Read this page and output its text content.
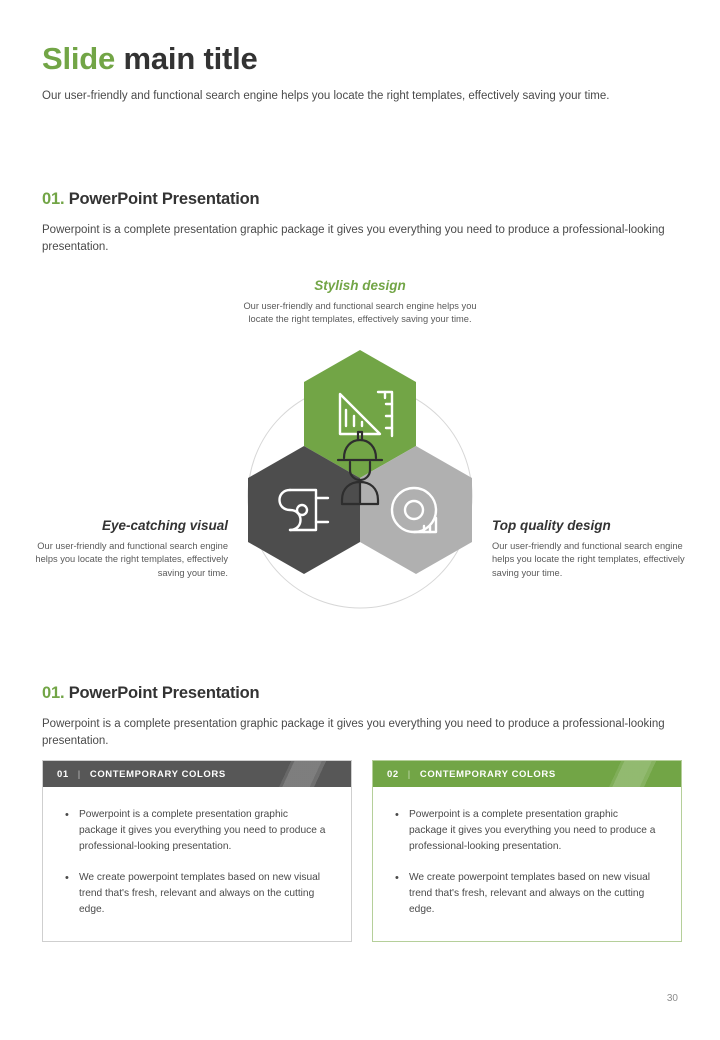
Slide main title
Our user-friendly and functional search engine helps you locate the right templates, effectively saving your time.
01. PowerPoint Presentation
Powerpoint is a complete presentation graphic package it gives you everything you need to produce a professional-looking presentation.
Stylish design
Our user-friendly and functional search engine helps you locate the right templates, effectively saving your time.
Eye-catching visual
Our user-friendly and functional search engine helps you locate the right templates, effectively saving your time.
Top quality design
Our user-friendly and functional search engine helps you locate the right templates, effectively saving your time.
01. PowerPoint Presentation
Powerpoint is a complete presentation graphic package it gives you everything you need to produce a professional-looking presentation.
01 | CONTEMPORARY COLORS
• Powerpoint is a complete presentation graphic package it gives you everything you need to produce a professional-looking presentation.
• We create powerpoint templates based on new visual trend that's fresh, relevant and always on the cutting edge.
02 | CONTEMPORARY COLORS
• Powerpoint is a complete presentation graphic package it gives you everything you need to produce a professional-looking presentation.
• We create powerpoint templates based on new visual trend that's fresh, relevant and always on the cutting edge.
30
